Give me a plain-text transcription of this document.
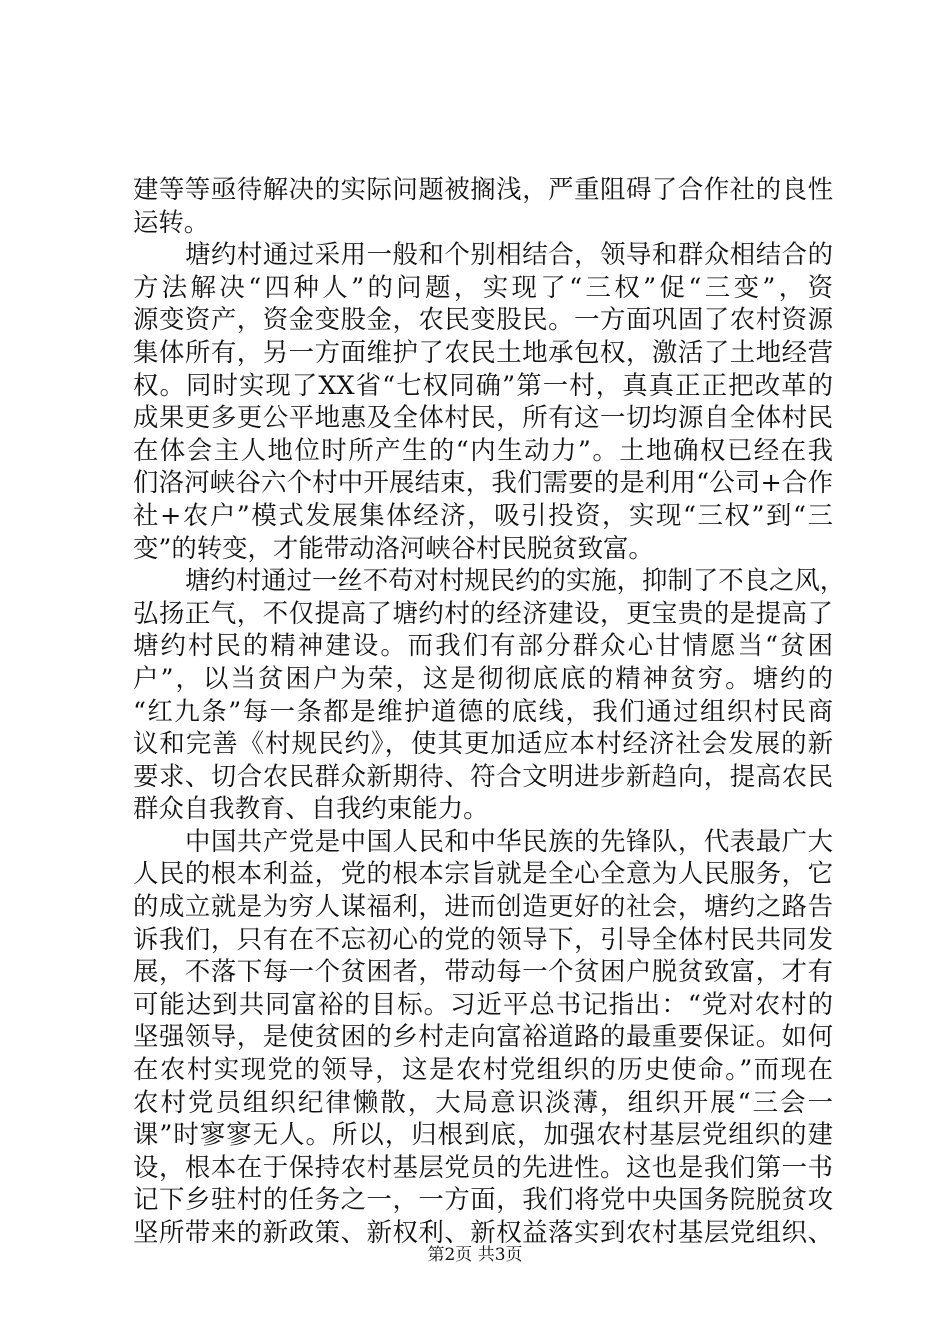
建等等亟待解决的实际问题被搁浅，严重阻碍了合作社的良性
运转。
塘约村通过采用一般和个别相结合，领导和群众相结合的
方法解决“四种人”的问题，实现了“三权”促“三变”，资
源变资产，资金变股金，农民变股民。一方面巩固了农村资源
集体所有，另一方面维护了农民土地承包权，激活了土地经营
权。同时实现了XX省“七权同确”第一村，真真正正把改革的
成果更多更公平地惠及全体村民，所有这一切均源自全体村民
在体会主人地位时所产生的“内生动力”。土地确权已经在我
们洛河峡谷六个村中开展结束，我们需要的是利用“公司+合作
社+农户”模式发展集体经济，吸引投资，实现“三权”到“三
变”的转变，才能带动洛河峡谷村民脱贫致富。
塘约村通过一丝不苟对村规民约的实施，抑制了不良之风，
弘扬正气，不仅提高了塘约村的经济建设，更宝贵的是提高了
塘约村民的精神建设。而我们有部分群众心甘情愿当“贫困
户”，以当贫困户为荣，这是彻彻底底的精神贫穷。塘约的
“红九条”每一条都是维护道德的底线，我们通过组织村民商
议和完善《村规民约》，使其更加适应本村经济社会发展的新
要求、切合农民群众新期待、符合文明进步新趋向，提高农民
群众自我教育、自我约束能力。
中国共产党是中国人民和中华民族的先锋队，代表最广大
人民的根本利益，党的根本宗旨就是全心全意为人民服务，它
的成立就是为穷人谋福利，进而创造更好的社会，塘约之路告
诉我们，只有在不忘初心的党的领导下，引导全体村民共同发
展，不落下每一个贫困者，带动每一个贫困户脱贫致富，才有
可能达到共同富裕的目标。习近平总书记指出：“党对农村的
坚强领导，是使贫困的乡村走向富裕道路的最重要保证。如何
在农村实现党的领导，这是农村党组织的历史使命。”而现在
农村党员组织纪律懒散，大局意识淡薄，组织开展“三会一
课”时寥寥无人。所以，归根到底，加强农村基层党组织的建
设，根本在于保持农村基层党员的先进性。这也是我们第一书
记下乡驻村的任务之一，一方面，我们将党中央国务院脱贫攻
坚所带来的新政策、新权利、新权益落实到农村基层党组织、
第2页 共3页
